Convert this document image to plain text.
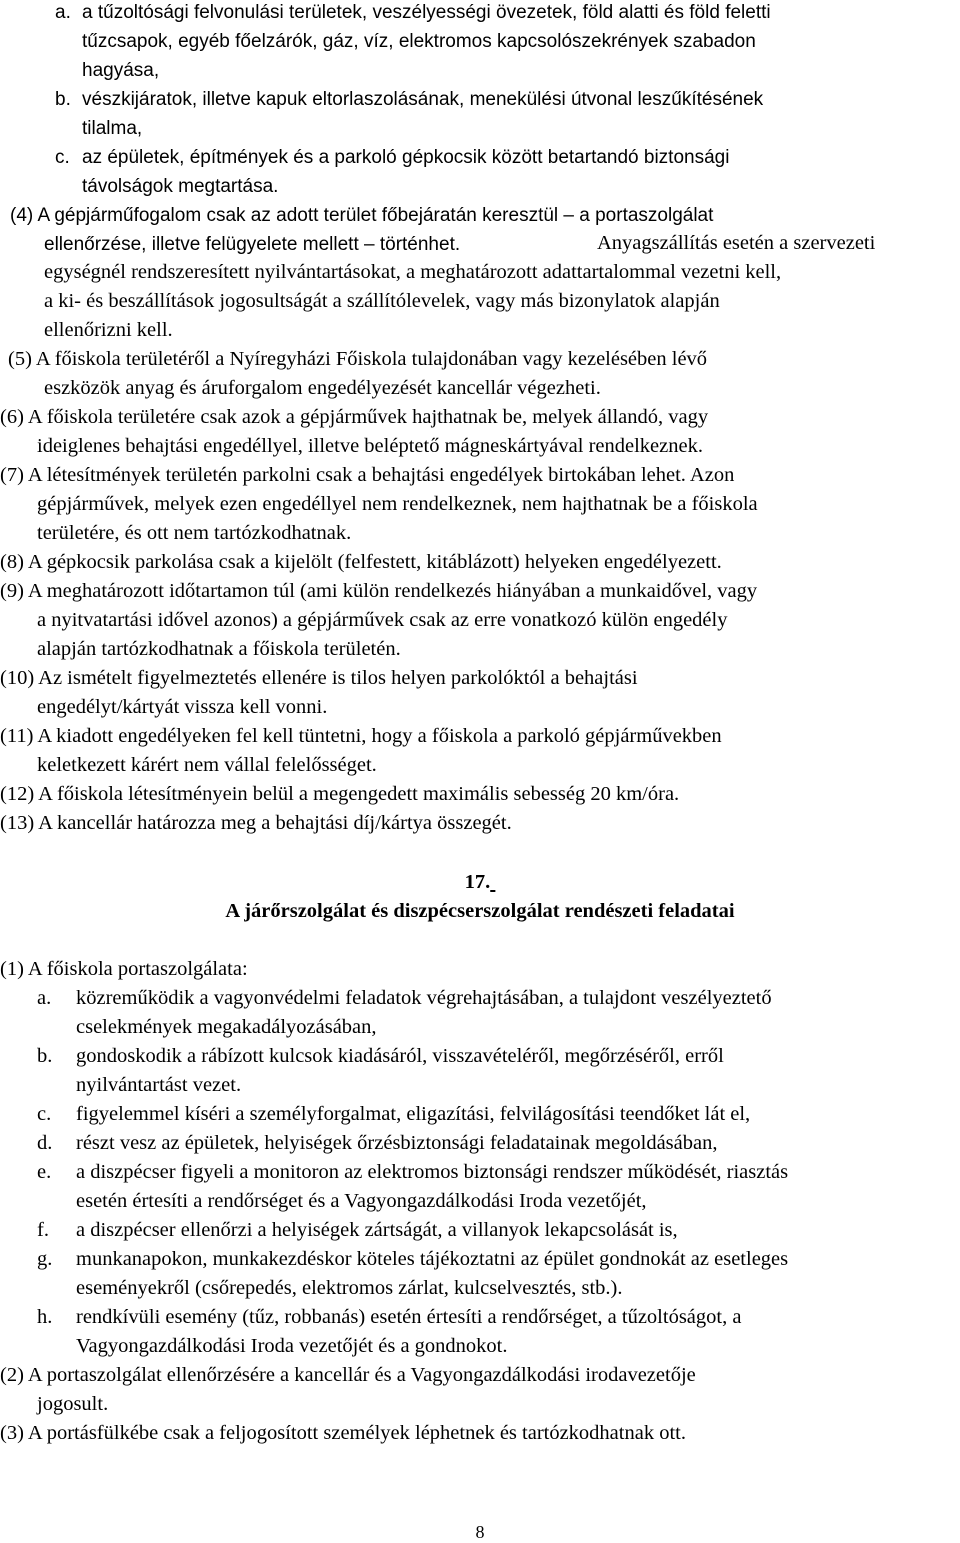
a. a tűzoltósági felvonulási területek, veszélyességi övezetek, föld alatti és föld feletti
tűzcsapok, egyéb főelzárók, gáz, víz, elektromos kapcsolószekrények szabadon
hagyása,
b. vészkijáratok, illetve kapuk eltorlaszolásának, menekülési útvonal leszűkítésének
tilalma,
c. az épületek, építmények és a parkoló gépkocsik között betartandó biztonsági
távolságok megtartása.
(4) A gépjárműfogalom csak az adott terület főbejáratán keresztül – a portaszolgálat
ellenőrzése, illetve felügyelete mellett – történhet.	Anyagszállítás esetén a szervezeti
egységnél rendszeresített nyilvántartásokat, a meghatározott adattartalommal vezetni kell,
a ki- és beszállítások jogosultságát a szállítólevelek, vagy más bizonylatok alapján
ellenőrizni kell.
(5) A főiskola területéről a Nyíregyházi Főiskola tulajdonában vagy kezelésében lévő
eszközök anyag és áruforgalom engedélyezését kancellár végezheti.
(6) A főiskola területére csak azok a gépjárművek hajthatnak be, melyek állandó, vagy
ideiglenes behajtási engedéllyel, illetve beléptető mágneskártyával rendelkeznek.
(7) A létesítmények területén parkolni csak a behajtási engedélyek birtokában lehet. Azon
gépjárművek, melyek ezen engedéllyel nem rendelkeznek, nem hajthatnak be a főiskola
területére, és ott nem tartózkodhatnak.
(8) A gépkocsik parkolása csak a kijelölt (felfestett, kitáblázott) helyeken engedélyezett.
(9) A meghatározott időtartamon túl (ami külön rendelkezés hiányában a munkaidővel, vagy
a nyitvatartási idővel azonos) a gépjárművek csak az erre vonatkozó külön engedély
alapján tartózkodhatnak a főiskola területén.
(10) Az ismételt figyelmeztetés ellenére is tilos helyen parkolóktól a behajtási
engedélyt/kártyát vissza kell vonni.
(11) A kiadott engedélyeken fel kell tüntetni, hogy a főiskola a parkoló gépjárművekben
keletkezett kárért nem vállal felelősséget.
(12) A főiskola létesítményein belül a megengedett maximális sebesség 20 km/óra.
(13) A kancellár határozza meg a behajtási díj/kártya összegét.
17.
A járőrszolgálat és diszpécserszolgálat rendészeti feladatai
(1) A főiskola portaszolgálata:
a. közreműködik a vagyonvédelmi feladatok végrehajtásában, a tulajdont veszélyeztető
cselekmények megakadályozásában,
b. gondoskodik a rábízott kulcsok kiadásáról, visszavételéről, megőrzéséről, erről
nyilvántartást vezet.
c. figyelemmel kíséri a személyforgalmat, eligazítási, felvilágosítási teendőket lát el,
d. részt vesz az épületek, helyiségek őrzésbiztonsági feladatainak megoldásában,
e. a diszpécser figyeli a monitoron az elektromos biztonsági rendszer működését, riasztás
esetén értesíti a rendőrséget és a Vagyongazdálkodási Iroda vezetőjét,
f. a diszpécser ellenőrzi a helyiségek zártságát, a villanyok lekapcsolását is,
g. munkanapokon, munkakezdéskor köteles tájékoztatni az épület gondnokát az esetleges
eseményekről (csőrepedés, elektromos zárlat, kulcselvesztés, stb.).
h. rendkívüli esemény (tűz, robbanás) esetén értesíti a rendőrséget, a tűzoltóságot, a
Vagyongazdálkodási Iroda vezetőjét és a gondnokot.
(2) A portaszolgálat ellenőrzésére a kancellár és a Vagyongazdálkodási irodavezetője
jogosult.
(3) A portásfülkébe csak a feljogosított személyek léphetnek és tartózkodhatnak ott.
8
